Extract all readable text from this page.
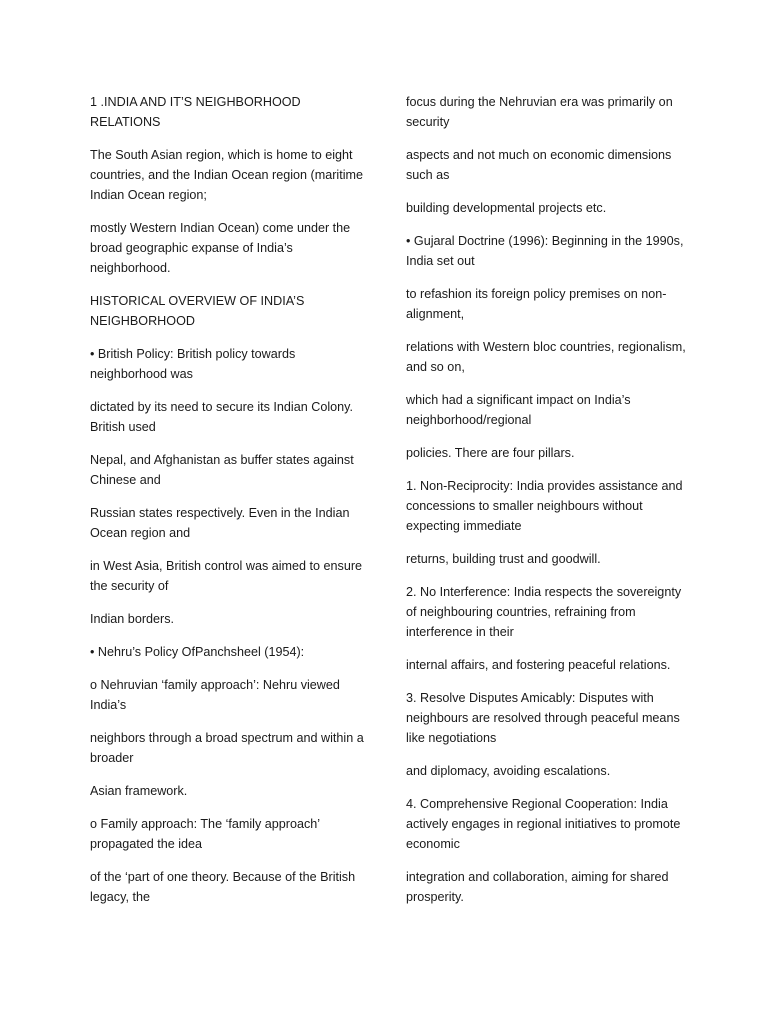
1 .INDIA AND IT’S NEIGHBORHOOD RELATIONS

The South Asian region, which is home to eight countries, and the Indian Ocean region (maritime Indian Ocean region;

mostly Western Indian Ocean) come under the broad geographic expanse of India’s neighborhood.

HISTORICAL OVERVIEW OF INDIA’S NEIGHBORHOOD

• British Policy: British policy towards neighborhood was

dictated by its need to secure its Indian Colony. British used

Nepal, and Afghanistan as buffer states against Chinese and

Russian states respectively. Even in the Indian Ocean region and

in West Asia, British control was aimed to ensure the security of

Indian borders.

• Nehru’s Policy OfPanchsheel (1954):

o Nehruvian ‘family approach’: Nehru viewed India’s

neighbors through a broad spectrum and within a broader

Asian framework.

o Family approach: The ‘family approach’ propagated the idea

of the ‘part of one theory. Because of the British legacy, the

focus during the Nehruvian era was primarily on security

aspects and not much on economic dimensions such as

building developmental projects etc.

• Gujaral Doctrine (1996): Beginning in the 1990s, India set out

to refashion its foreign policy premises on non-alignment,

relations with Western bloc countries, regionalism, and so on,

which had a significant impact on India’s neighborhood/regional

policies. There are four pillars.

1. Non-Reciprocity: India provides assistance and concessions to smaller neighbours without expecting immediate

returns, building trust and goodwill.

2. No Interference: India respects the sovereignty of neighbouring countries, refraining from interference in their

internal affairs, and fostering peaceful relations.

3. Resolve Disputes Amicably: Disputes with neighbours are resolved through peaceful means like negotiations

and diplomacy, avoiding escalations.

4. Comprehensive Regional Cooperation: India actively engages in regional initiatives to promote economic

integration and collaboration, aiming for shared prosperity.
